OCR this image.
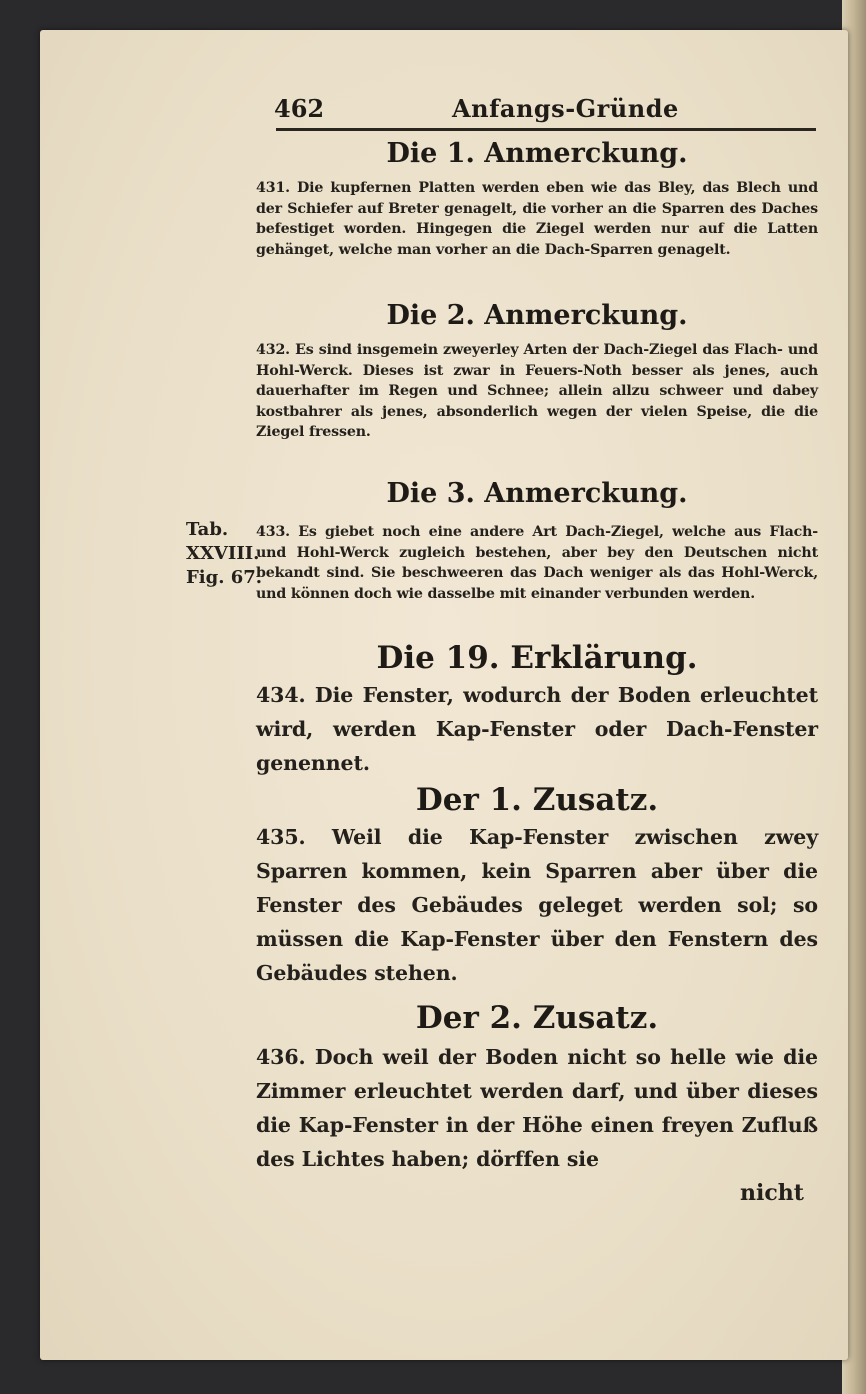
462	Anfangs-Gründe
Die 1. Anmerckung.
431. Die kupfernen Platten werden eben wie das Bley, das Blech und der Schiefer auf Breter genagelt, die vorher an die Sparren des Daches befestiget worden. Hingegen die Ziegel werden nur auf die Latten gehänget, welche man vorher an die Dach-Sparren genagelt.
Die 2. Anmerckung.
432. Es sind insgemein zweyerley Arten der Dach-Ziegel das Flach- und Hohl-Werck. Dieses ist zwar in Feuers-Noth besser als jenes, auch dauerhafter im Regen und Schnee; allein allzu schweer und dabey kostbahrer als jenes, absonderlich wegen der vielen Speise, die die Ziegel fressen.
Die 3. Anmerckung.
433. Es giebet noch eine andere Art Dach-Ziegel, welche aus Flach- und Hohl-Werck zugleich bestehen, aber bey den Deutschen nicht bekandt sind. Sie beschweeren das Dach weniger als das Hohl-Werck, und können doch wie dasselbe mit einander verbunden werden.
Tab.
XXVIII.
Fig. 67.
Die 19. Erklärung.
434. Die Fenster, wodurch der Boden erleuchtet wird, werden Kap-Fenster oder Dach-Fenster genennet.
Der 1. Zusatz.
435. Weil die Kap-Fenster zwischen zwey Sparren kommen, kein Sparren aber über die Fenster des Gebäudes geleget werden sol; so müssen die Kap-Fenster über den Fenstern des Gebäudes stehen.
Der 2. Zusatz.
436. Doch weil der Boden nicht so helle wie die Zimmer erleuchtet werden darf, und über dieses die Kap-Fenster in der Höhe einen freyen Zufluß des Lichtes haben; dörffen sie
nicht
